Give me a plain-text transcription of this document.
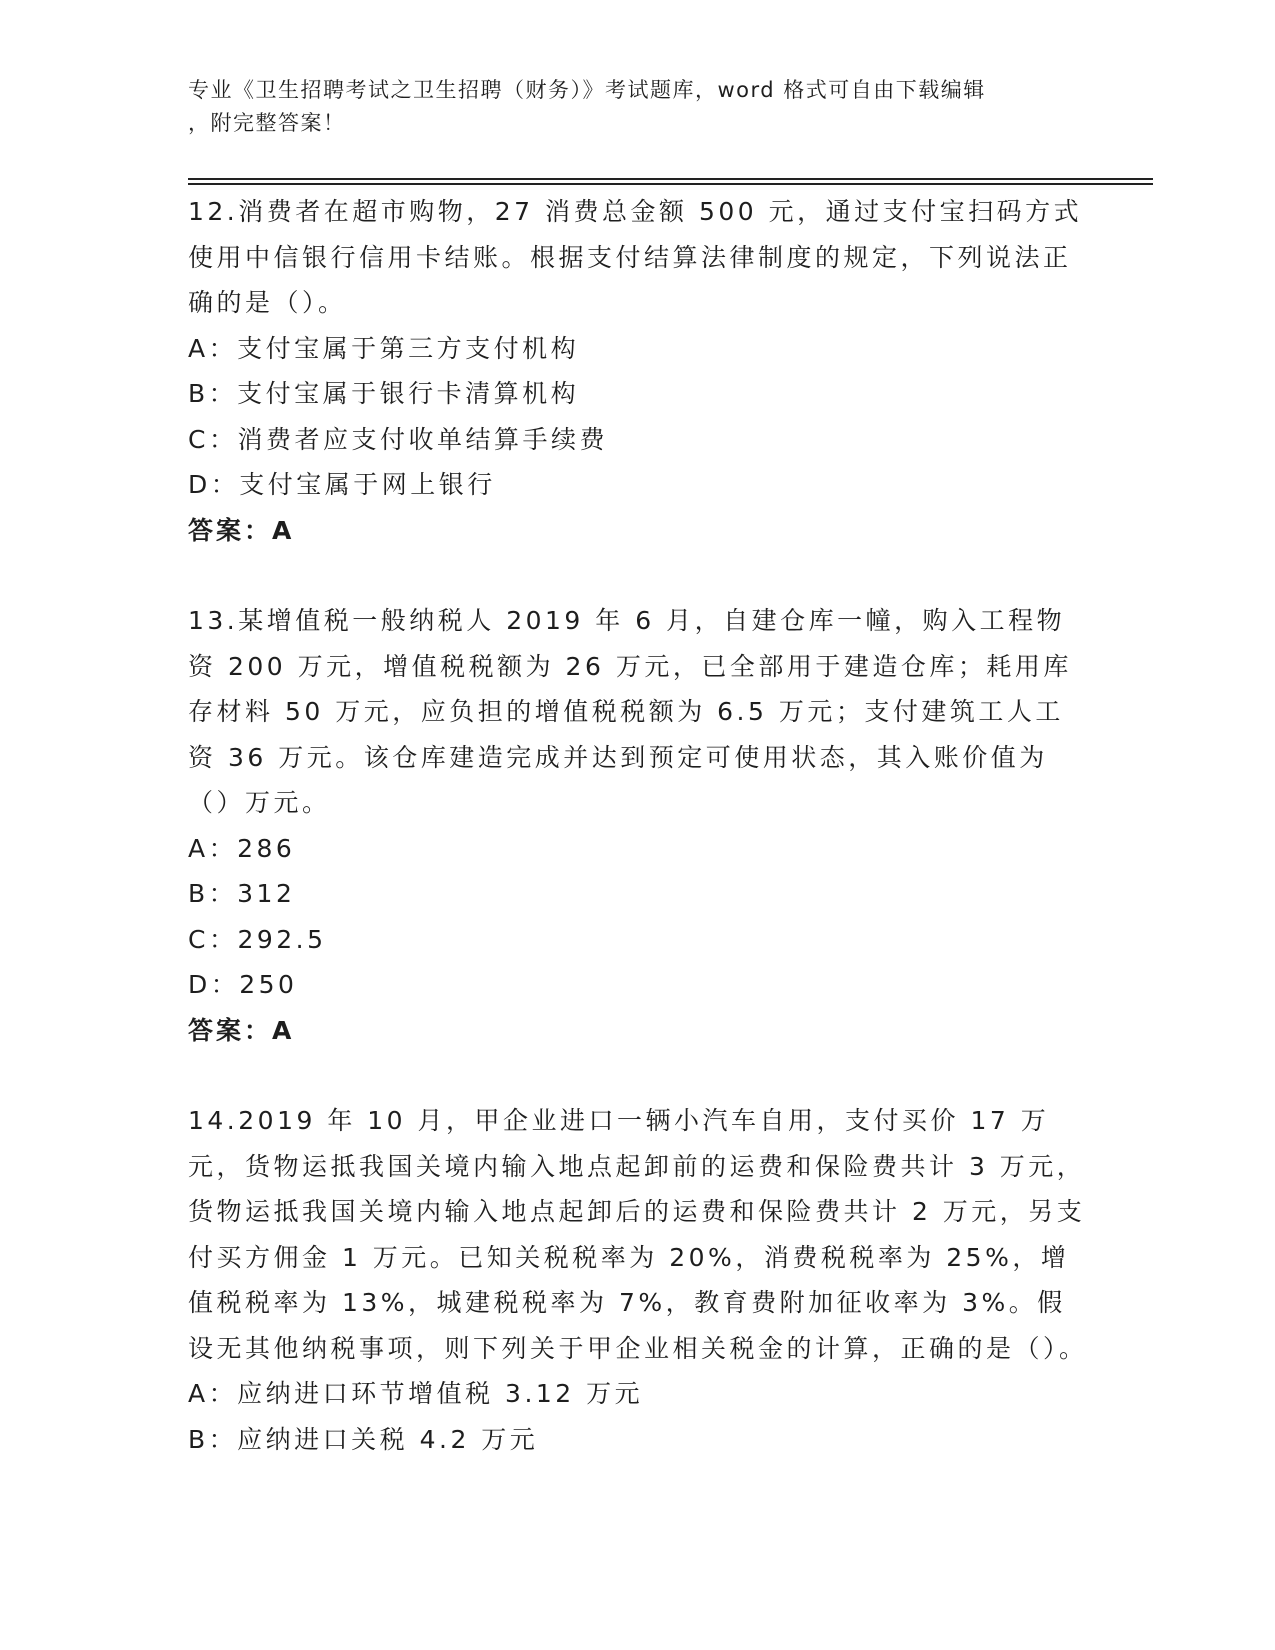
专业《卫生招聘考试之卫生招聘（财务）》考试题库，word 格式可自由下载编辑
，附完整答案！

12.消费者在超市购物，27 消费总金额 500 元，通过支付宝扫码方式使用中信银行信用卡结账。根据支付结算法律制度的规定，下列说法正确的是（）。

A：支付宝属于第三方支付机构

B：支付宝属于银行卡清算机构

C：消费者应支付收单结算手续费

D：支付宝属于网上银行

答案：A

13.某增值税一般纳税人 2019 年 6 月，自建仓库一幢，购入工程物资 200 万元，增值税税额为 26 万元，已全部用于建造仓库；耗用库存材料 50 万元，应负担的增值税税额为 6.5 万元；支付建筑工人工资 36 万元。该仓库建造完成并达到预定可使用状态，其入账价值为（）万元。

A：286

B：312

C：292.5

D：250

答案：A

14.2019 年 10 月，甲企业进口一辆小汽车自用，支付买价 17 万元，货物运抵我国关境内输入地点起卸前的运费和保险费共计 3 万元，货物运抵我国关境内输入地点起卸后的运费和保险费共计 2 万元，另支付买方佣金 1 万元。已知关税税率为 20%，消费税税率为 25%，增值税税率为 13%，城建税税率为 7%，教育费附加征收率为 3%。假设无其他纳税事项，则下列关于甲企业相关税金的计算，正确的是（）。

A：应纳进口环节增值税 3.12 万元

B：应纳进口关税 4.2 万元
